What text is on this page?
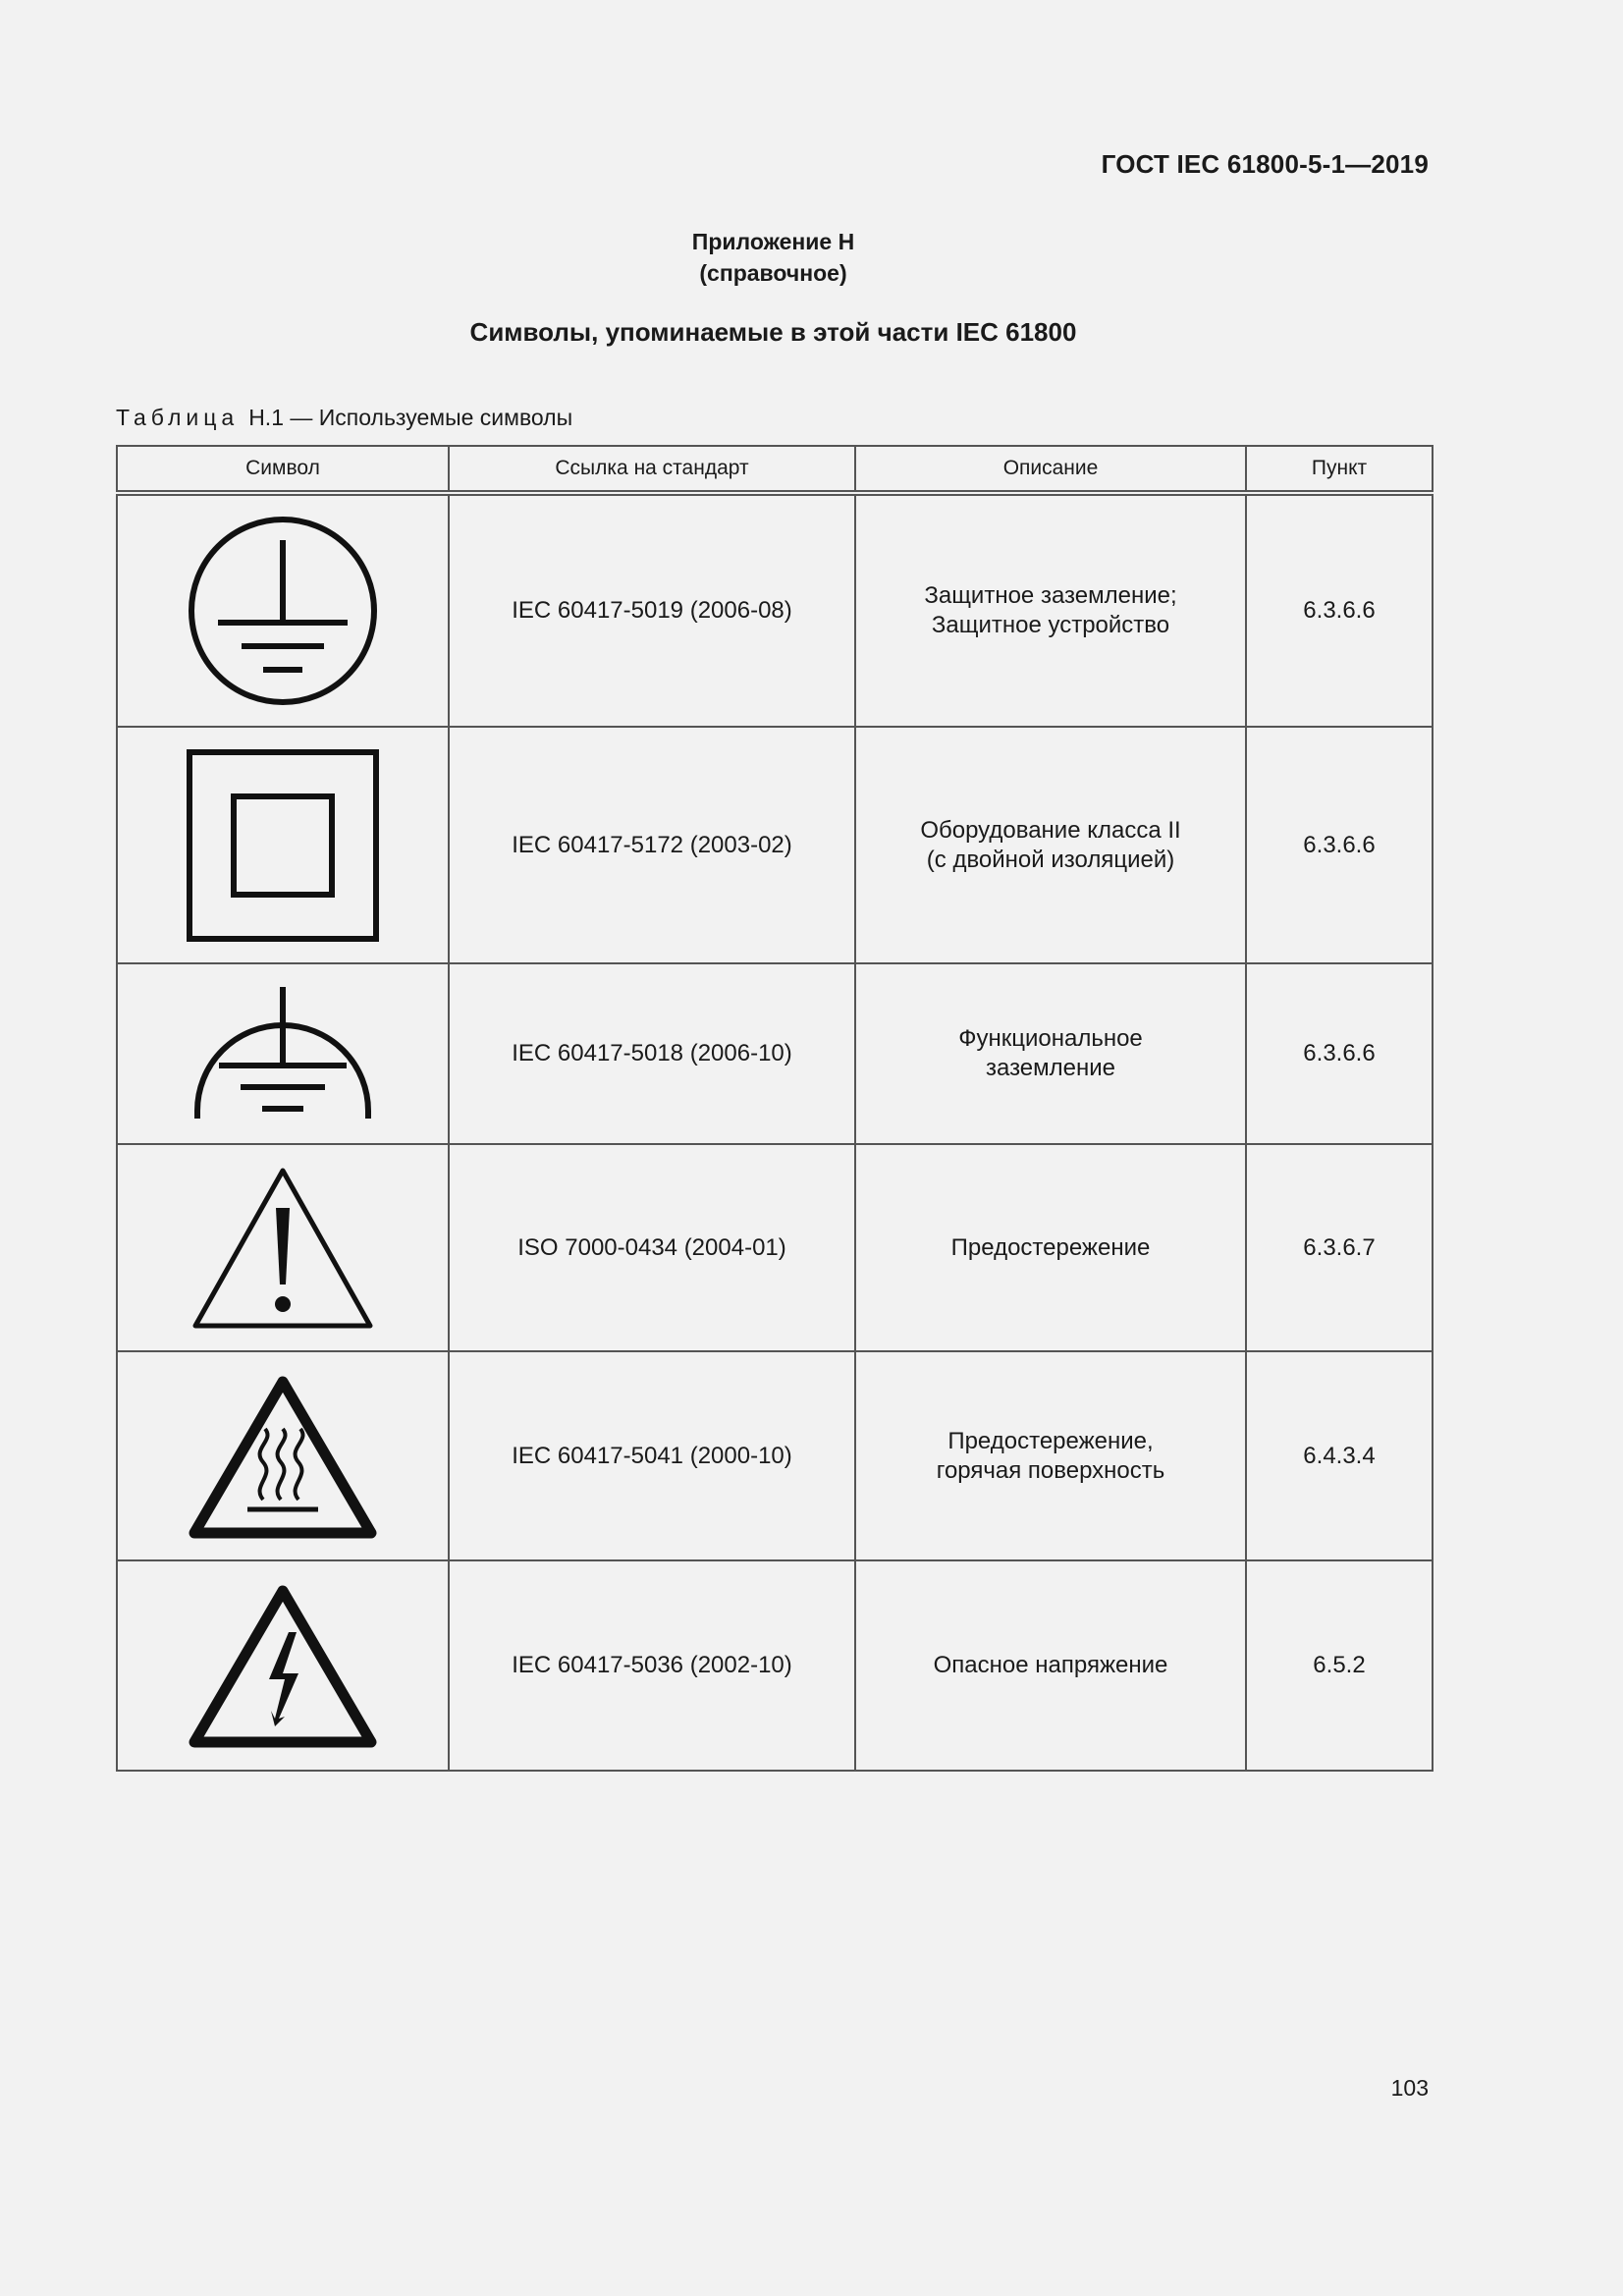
ГОСТ IEC 61800-5-1—2019
Приложение Н
(справочное)
Символы, упоминаемые в этой части IEC 61800
Таблица Н.1 — Используемые символы
Символ	Ссылка на стандарт	Описание	Пункт

	IEC 60417-5019 (2006-08)	Защитное заземление;
Защитное устройство	6.3.6.6

	IEC 60417-5172 (2003-02)	Оборудование класса II
(с двойной изоляцией)	6.3.6.6

	IEC 60417-5018 (2006-10)	Функциональное
заземление	6.3.6.6

	ISO 7000-0434 (2004-01)	Предостережение	6.3.6.7

	IEC 60417-5041 (2000-10)	Предостережение,
горячая поверхность	6.4.3.4

	IEC 60417-5036 (2002-10)	Опасное напряжение	6.5.2
103
